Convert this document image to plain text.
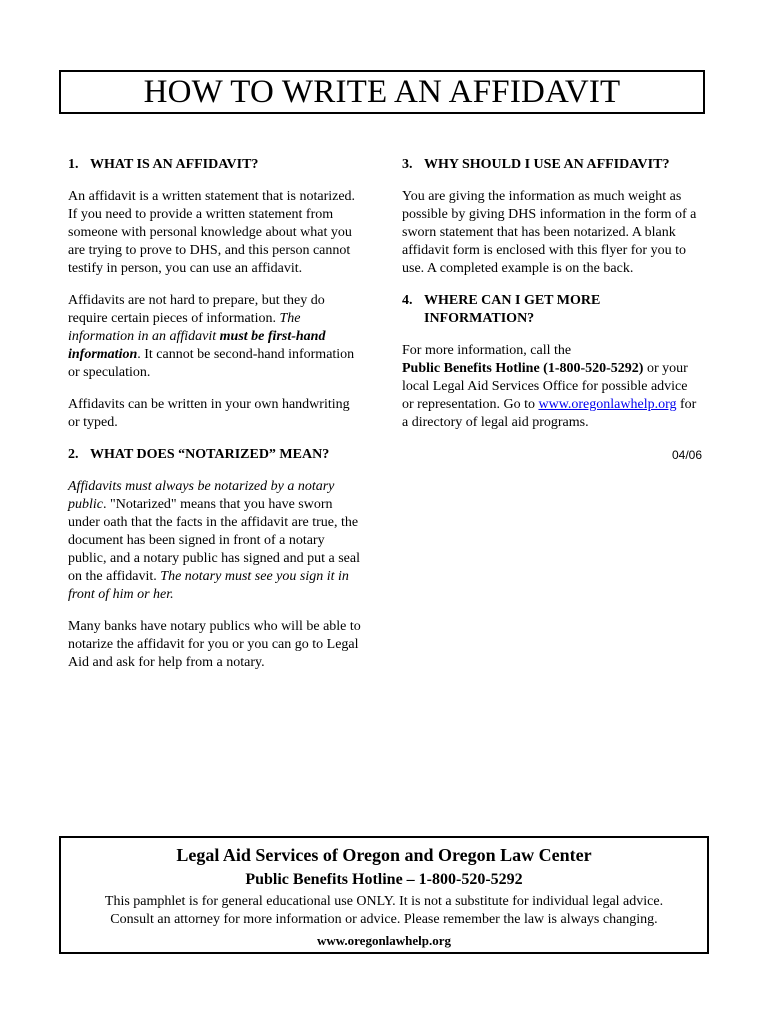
HOW TO WRITE AN AFFIDAVIT
1. WHAT IS AN AFFIDAVIT?

An affidavit is a written statement that is notarized. If you need to provide a written statement from someone with personal knowledge about what you are trying to prove to DHS, and this person cannot testify in person, you can use an affidavit.

Affidavits are not hard to prepare, but they do require certain pieces of information. The information in an affidavit must be first-hand information. It cannot be second-hand information or speculation.

Affidavits can be written in your own handwriting or typed.

2. WHAT DOES “NOTARIZED” MEAN?

Affidavits must always be notarized by a notary public. "Notarized" means that you have sworn under oath that the facts in the affidavit are true, the document has been signed in front of a notary public, and a notary public has signed and put a seal on the affidavit. The notary must see you sign it in front of him or her.

Many banks have notary publics who will be able to notarize the affidavit for you or you can go to Legal Aid and ask for help from a notary.

3. WHY SHOULD I USE AN AFFIDAVIT?

You are giving the information as much weight as possible by giving DHS information in the form of a sworn statement that has been notarized. A blank affidavit form is enclosed with this flyer for you to use. A completed example is on the back.

4. WHERE CAN I GET MORE INFORMATION?

For more information, call the
Public Benefits Hotline (1-800-520-5292) or your local Legal Aid Services Office for possible advice or representation. Go to www.oregonlawhelp.org for a directory of legal aid programs.

04/06
Legal Aid Services of Oregon and Oregon Law Center
Public Benefits Hotline – 1-800-520-5292
This pamphlet is for general educational use ONLY. It is not a substitute for individual legal advice.
Consult an attorney for more information or advice. Please remember the law is always changing.
www.oregonlawhelp.org
